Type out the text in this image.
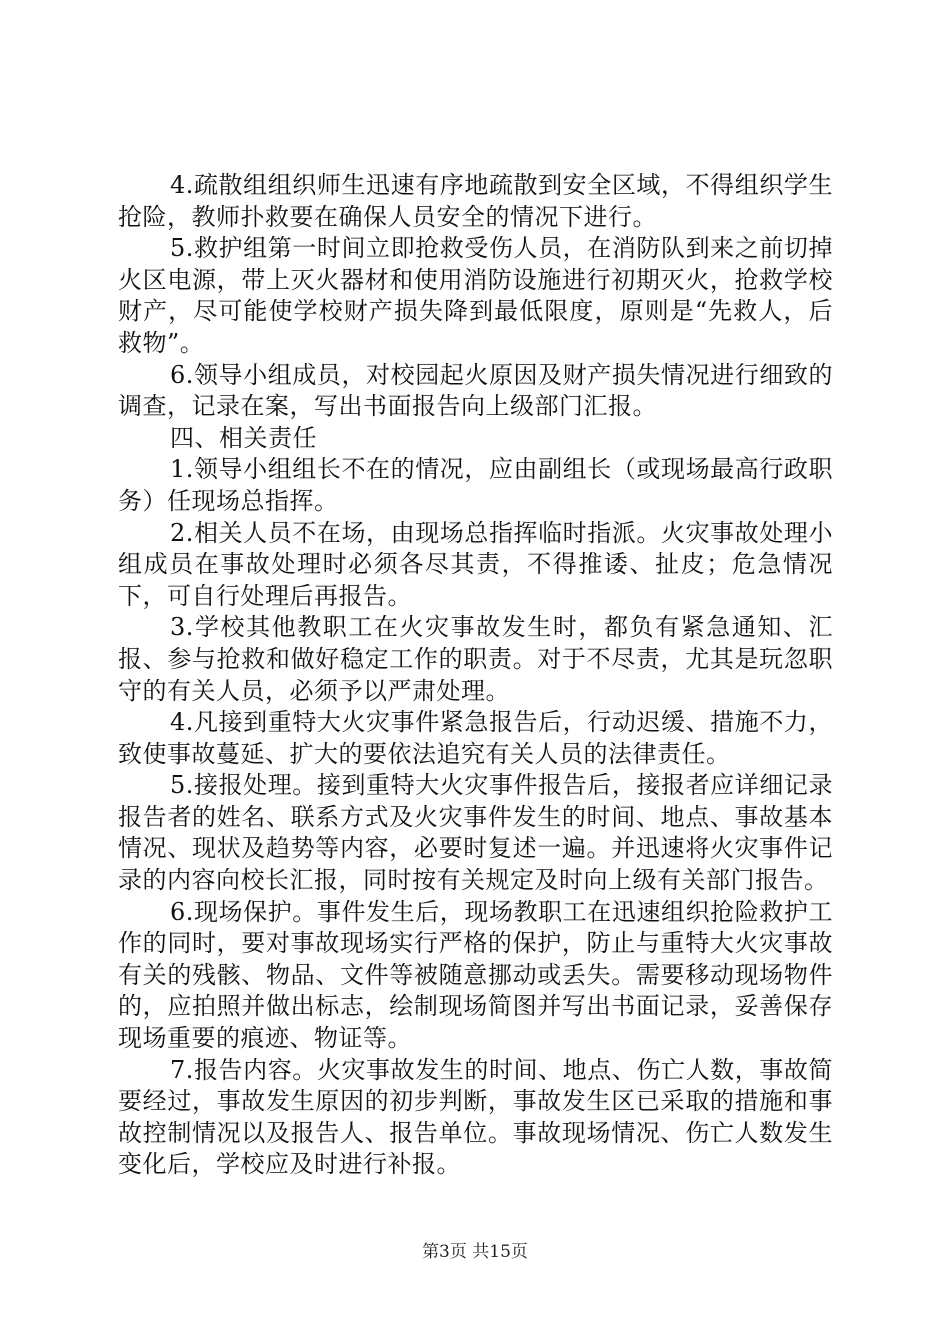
4.疏散组组织师生迅速有序地疏散到安全区域，不得组织学生抢险，教师扑救要在确保人员安全的情况下进行。

5.救护组第一时间立即抢救受伤人员，在消防队到来之前切掉火区电源，带上灭火器材和使用消防设施进行初期灭火，抢救学校财产，尽可能使学校财产损失降到最低限度，原则是“先救人，后救物”。

6.领导小组成员，对校园起火原因及财产损失情况进行细致的调查，记录在案，写出书面报告向上级部门汇报。

四、相关责任

1.领导小组组长不在的情况，应由副组长（或现场最高行政职务）任现场总指挥。

2.相关人员不在场，由现场总指挥临时指派。火灾事故处理小组成员在事故处理时必须各尽其责，不得推诿、扯皮；危急情况下，可自行处理后再报告。

3.学校其他教职工在火灾事故发生时，都负有紧急通知、汇报、参与抢救和做好稳定工作的职责。对于不尽责，尤其是玩忽职守的有关人员，必须予以严肃处理。

4.凡接到重特大火灾事件紧急报告后，行动迟缓、措施不力，致使事故蔓延、扩大的要依法追究有关人员的法律责任。

5.接报处理。接到重特大火灾事件报告后，接报者应详细记录报告者的姓名、联系方式及火灾事件发生的时间、地点、事故基本情况、现状及趋势等内容，必要时复述一遍。并迅速将火灾事件记录的内容向校长汇报，同时按有关规定及时向上级有关部门报告。

6.现场保护。事件发生后，现场教职工在迅速组织抢险救护工作的同时，要对事故现场实行严格的保护，防止与重特大火灾事故有关的残骸、物品、文件等被随意挪动或丢失。需要移动现场物件的，应拍照并做出标志，绘制现场简图并写出书面记录，妥善保存现场重要的痕迹、物证等。

7.报告内容。火灾事故发生的时间、地点、伤亡人数，事故简要经过，事故发生原因的初步判断，事故发生区已采取的措施和事故控制情况以及报告人、报告单位。事故现场情况、伤亡人数发生变化后，学校应及时进行补报。

第3页 共15页
